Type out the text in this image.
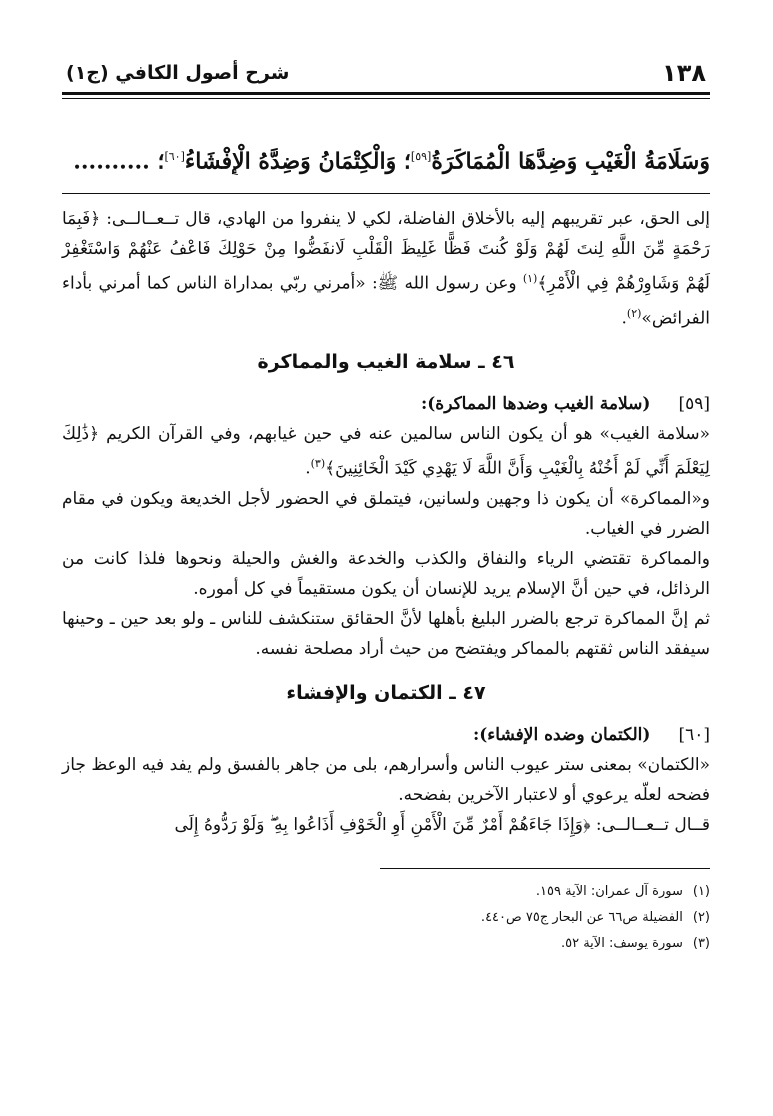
١٣٨
شرح أصول الكافي (ج١)
وَسَلَامَةُ الْغَيْبِ وَضِدَّهَا الْمُمَاكَرَةُ[٥٩]؛ وَالْكِتْمَانُ وَضِدَّهُ الْإِفْشَاءُ[٦٠]؛ ..........

إلى الحق، عبر تقريبهم إليه بالأخلاق الفاضلة، لكي لا ينفروا من الهادي، قال تــعــالــى: ﴿فَبِمَا رَحْمَةٍ مِّنَ اللَّهِ لِنتَ لَهُمْ وَلَوْ كُنتَ فَظًّا غَلِيظَ الْقَلْبِ لَانفَضُّوا مِنْ حَوْلِكَ فَاعْفُ عَنْهُمْ وَاسْتَغْفِرْ لَهُمْ وَشَاوِرْهُمْ فِي الْأَمْرِ﴾$^{(١)}$ وعن رسول الله ﷺ: «أمرني ربّي بمداراة الناس كما أمرني بأداء الفرائض»$^{(٢)}$.

٤٦ ـ سلامة الغيب والمماكرة
[٥٩]
(سلامة الغيب وضدها المماكرة):

«سلامة الغيب» هو أن يكون الناس سالمين عنه في حين غيابهم، وفي القرآن الكريم ﴿ذَٰلِكَ لِيَعْلَمَ أَنِّي لَمْ أَخُنْهُ بِالْغَيْبِ وَأَنَّ اللَّهَ لَا يَهْدِي كَيْدَ الْخَائِنِينَ﴾$^{(٣)}$.

و«المماكرة» أن يكون ذا وجهين ولسانين، فيتملق في الحضور لأجل الخديعة ويكون في مقام الضرر في الغياب.

والمماكرة تقتضي الرياء والنفاق والكذب والخدعة والغش والحيلة ونحوها فلذا كانت من الرذائل، في حين أنَّ الإسلام يريد للإنسان أن يكون مستقيماً في كل أموره.

ثم إنَّ المماكرة ترجع بالضرر البليغ بأهلها لأنَّ الحقائق ستنكشف للناس ـ ولو بعد حين ـ وحينها سيفقد الناس ثقتهم بالمماكر ويفتضح من حيث أراد مصلحة نفسه.

٤٧ ـ الكتمان والإفشاء
[٦٠]
(الكتمان وضده الإفشاء):

«الكتمان» بمعنى ستر عيوب الناس وأسرارهم، بلى من جاهر بالفسق ولم يفد فيه الوعظ جاز فضحه لعلّه يرعوي أو لاعتبار الآخرين بفضحه.

قــال تــعــالــى: ﴿وَإِذَا جَاءَهُمْ أَمْرٌ مِّنَ الْأَمْنِ أَوِ الْخَوْفِ أَذَاعُوا بِهِ ۖ وَلَوْ رَدُّوهُ إِلَى

(١)
سورة آل عمران: الآية ١٥٩.
(٢)
الفضيلة ص٦٦ عن البحار ج٧٥ ص٤٤٠.
(٣)
سورة يوسف: الآية ٥٢.
